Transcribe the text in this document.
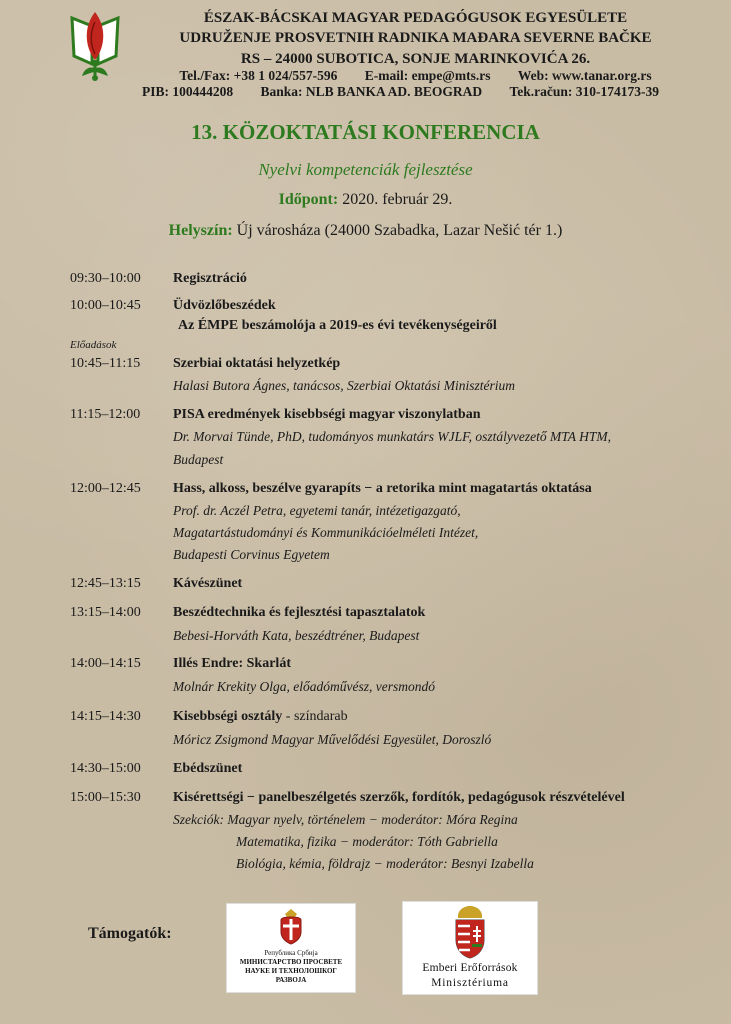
ÉSZAK-BÁCSKAI MAGYAR PEDAGÓGUSOK EGYESÜLETE
UDRUŽENJE PROSVETNIH RADNIKA MAĐARA SEVERNE BAČKE
RS – 24000 SUBOTICA, SONJE MARINKOVIĆA 26.
Tel./Fax: +38 1 024/557-596 E-mail: empe@mts.rs Web: www.tanar.org.rs
PIB: 100444208 Banka: NLB BANKA AD. BEOGRAD Tek.račun: 310-174173-39
13. KÖZOKTATÁSI KONFERENCIA
Nyelvi kompetenciák fejlesztése
Időpont: 2020. február 29.
Helyszín: Új városháza (24000 Szabadka, Lazar Nešić tér 1.)
09:30–10:00 Regisztráció
10:00–10:45 Üdvözlőbeszédek
Az ÉMPE beszámolója a 2019-es évi tevékenységeiről
Előadások
10:45–11:15 Szerbiai oktatási helyzetkép
Halasi Butora Ágnes, tanácsos, Szerbiai Oktatási Minisztérium
11:15–12:00 PISA eredmények kisebbségi magyar viszonylatban
Dr. Morvai Tünde, PhD, tudományos munkatárs WJLF, osztályvezető MTA HTM,
Budapest
12:00–12:45 Hass, alkoss, beszélve gyarapíts − a retorika mint magatartás oktatása
Prof. dr. Aczél Petra, egyetemi tanár, intézetigazgató,
Magatartástudományi és Kommunikációelméleti Intézet,
Budapesti Corvinus Egyetem
12:45–13:15 Kávészünet
13:15–14:00 Beszédtechnika és fejlesztési tapasztalatok
Bebesi-Horváth Kata, beszédtréner, Budapest
14:00–14:15 Illés Endre: Skarlát
Molnár Krekity Olga, előadóművész, versmondó
14:15–14:30 Kisebbségi osztály - színdarab
Móricz Zsigmond Magyar Művelődési Egyesület, Doroszló
14:30–15:00 Ebédszünet
15:00–15:30 Kisérettségi − panelbeszélgetés szerzők, fordítók, pedagógusok részvételével
Szekciók: Magyar nyelv, történelem − moderátor: Móra Regina
Matematika, fizika − moderátor: Tóth Gabriella
Biológia, kémia, földrajz − moderátor: Besnyi Izabella
Támogatók:
Република Србија
МИНИСТАРСТВО ПРОСВЕТЕ
НАУКЕ И ТЕХНОЛОШКОГ
РАЗВОЈА
Emberi Erőforrások
Minisztériuma
